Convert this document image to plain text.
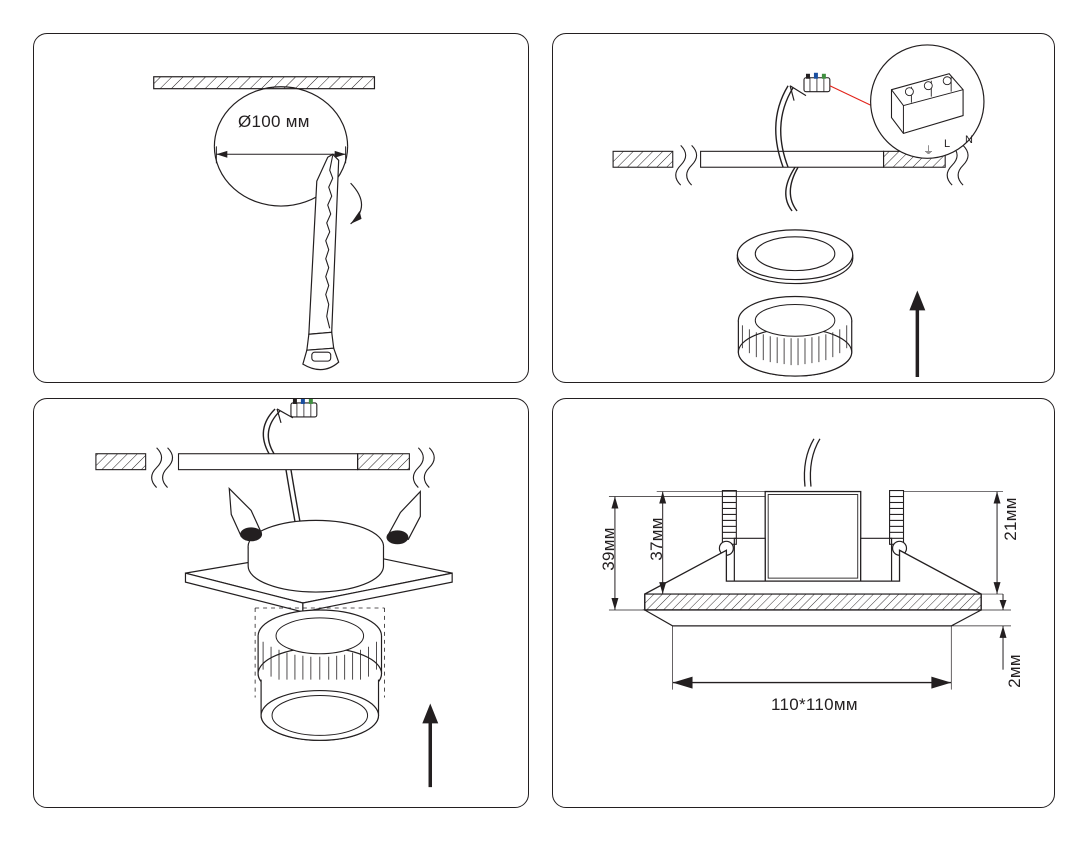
Ø100 мм
L N
⏚
39мм 37мм	21мм
2мм
110*110мм
